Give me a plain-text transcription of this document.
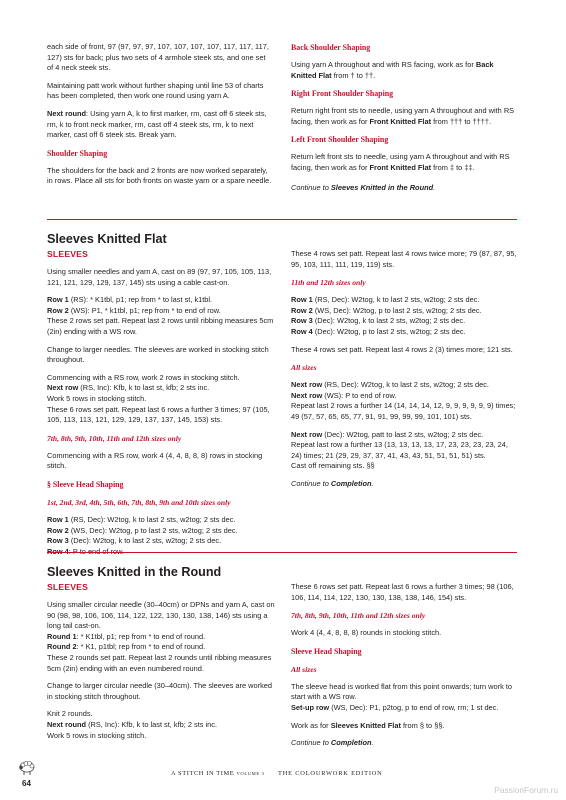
each side of front, 97 (97, 97, 97, 107, 107, 107, 107, 117, 117, 117, 127) sts for back; plus two sets of 4 armhole steek sts, and one set of 4 neck steek sts.

Maintaining patt work without further shaping until line 53 of charts has been completed, then work one round using yarn A.

Next round: Using yarn A, k to first marker, rm, cast off 6 steek sts, rm, k to front neck marker, rm, cast off 4 steek sts, rm, k to next marker, cast off 6 steek sts. Break yarn.

Shoulder Shaping

The shoulders for the back and 2 fronts are now worked separately, in rows. Place all sts for both fronts on waste yarn or a spare needle.

Back Shoulder Shaping

Using yarn A throughout and with RS facing, work as for Back Knitted Flat from † to ††.

Right Front Shoulder Shaping

Return right front sts to needle, using yarn A throughout and with RS facing, then work as for Front Knitted Flat from ††† to ††††.

Left Front Shoulder Shaping

Return left front sts to needle, using yarn A throughout and with RS facing, then work as for Front Knitted Flat from ‡ to ‡‡.

Continue to Sleeves Knitted in the Round.

Sleeves Knitted Flat

SLEEVES

Using smaller needles and yarn A, cast on 89 (97, 97, 105, 105, 113, 121, 121, 129, 129, 137, 145) sts using a cable cast-on.

Row 1 (RS): * K1tbl, p1; rep from * to last st, k1tbl.

Row 2 (WS): P1, * k1tbl, p1; rep from * to end of row.

These 2 rows set patt. Repeat last 2 rows until ribbing measures 5cm (2in) ending with a WS row.

Change to larger needles. The sleeves are worked in stocking stitch throughout.

Commencing with a RS row, work 2 rows in stocking stitch.

Next row (RS, Inc): Kfb, k to last st, kfb; 2 sts inc.

Work 5 rows in stocking stitch.

These 6 rows set patt. Repeat last 6 rows a further 3 times; 97 (105, 105, 113, 113, 121, 129, 129, 137, 137, 145, 153) sts.

7th, 8th, 9th, 10th, 11th and 12th sizes only

Commencing with a RS row, work 4 (4, 4, 8, 8, 8) rows in stocking stitch.

§ Sleeve Head Shaping

1st, 2nd, 3rd, 4th, 5th, 6th, 7th, 8th, 9th and 10th sizes only

Row 1 (RS, Dec): W2tog, k to last 2 sts, w2tog; 2 sts dec.

Row 2 (WS, Dec): W2tog, p to last 2 sts, w2tog; 2 sts dec.

Row 3 (Dec): W2tog, k to last 2 sts, w2tog; 2 sts dec.

These 4 rows set patt. Repeat last 4 rows twice more; 79 (87, 87, 95, 95, 103, 111, 111, 119, 119) sts.

11th and 12th sizes only

Row 1 (RS, Dec): W2tog, k to last 2 sts, w2tog; 2 sts dec.

Row 2 (WS, Dec): W2tog, p to last 2 sts, w2tog; 2 sts dec.

Row 3 (Dec): W2tog, k to last 2 sts, w2tog; 2 sts dec.

Row 4 (Dec): W2tog, p to last 2 sts, w2tog; 2 sts dec.

These 4 rows set patt. Repeat last 4 rows 2 (3) times more; 121 sts.

All sizes

Next row (RS, Dec): W2tog, k to last 2 sts, w2tog; 2 sts dec.

Next row (WS): P to end of row.

Repeat last 2 rows a further 14 (14, 14, 14, 12, 9, 9, 9, 9, 9, 9) times; 49 (57, 57, 65, 65, 77, 91, 91, 99, 99, 99, 101, 101) sts.

Next row (Dec): W2tog, patt to last 2 sts, w2tog; 2 sts dec.

Repeat last row a further 13 (13, 13, 13, 13, 17, 23, 23, 23, 23, 24, 24) times; 21 (29, 29, 37, 37, 41, 43, 43, 51, 51, 51, 51) sts.

Cast off remaining sts. §§

Continue to Completion.

Sleeves Knitted in the Round

SLEEVES

Using smaller circular needle (30–40cm) or DPNs and yarn A, cast on 90 (98, 98, 106, 106, 114, 122, 122, 130, 130, 138, 146) sts using a long tail cast-on.

Round 1: * K1tbl, p1; rep from * to end of round.

Round 2: * K1, p1tbl; rep from * to end of round.

These 2 rounds set patt. Repeat last 2 rounds until ribbing measures 5cm (2in) ending with an even numbered round.

Change to larger circular needle (30–40cm). The sleeves are worked in stocking stitch throughout.

Knit 2 rounds.

Next round (RS, Inc): Kfb, k to last st, kfb; 2 sts inc.

Work 5 rows in stocking stitch.

These 6 rows set patt. Repeat last 6 rows a further 3 times; 98 (106, 106, 114, 114, 122, 130, 130, 138, 138, 146, 154) sts.

7th, 8th, 9th, 10th, 11th and 12th sizes only

Work 4 (4, 4, 8, 8, 8) rounds in stocking stitch.

Sleeve Head Shaping

All sizes

The sleeve head is worked flat from this point onwards; turn work to start with a WS row.

Set-up row (WS, Dec): P1, p2tog, p to end of row, rm; 1 st dec.

Work as for Sleeves Knitted Flat from § to §§.

Continue to Completion.

64
A STITCH IN TIME VOLUME 3 THE COLOURWORK EDITION
PassionForum.ru
